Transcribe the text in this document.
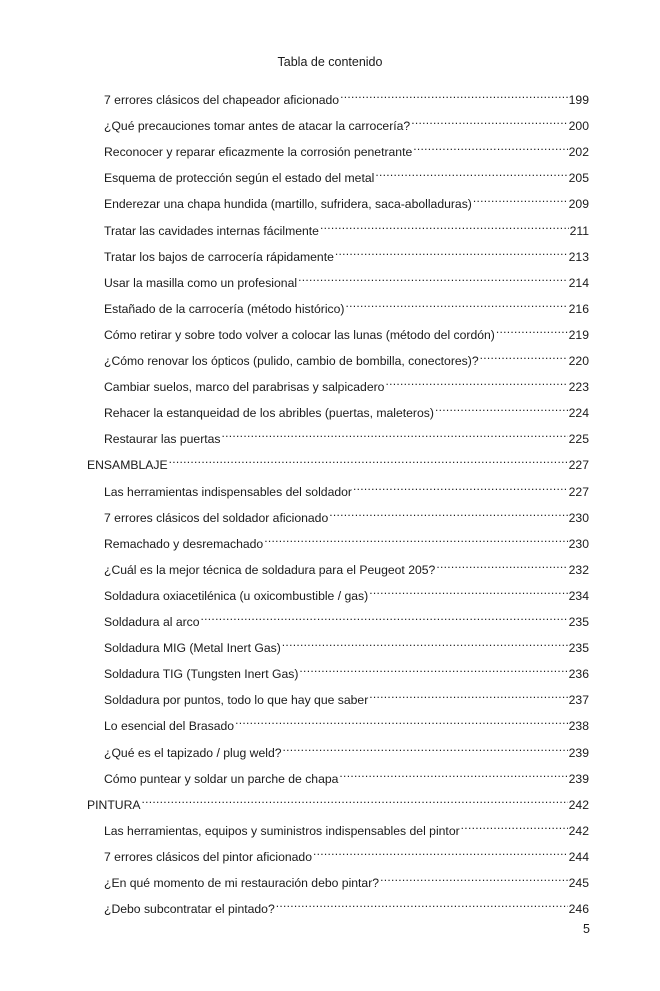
Tabla de contenido
7 errores clásicos del chapeador aficionado .....	199
¿Qué precauciones tomar antes de atacar la carrocería? .....	200
Reconocer y reparar eficazmente la corrosión penetrante .....	202
Esquema de protección según el estado del metal .....	205
Enderezar una chapa hundida (martillo, sufridera, saca-abolladuras) .....	209
Tratar las cavidades internas fácilmente .....	211
Tratar los bajos de carrocería rápidamente .....	213
Usar la masilla como un profesional .....	214
Estañado de la carrocería (método histórico) .....	216
Cómo retirar y sobre todo volver a colocar las lunas (método del cordón) .....	219
¿Cómo renovar los ópticos (pulido, cambio de bombilla, conectores)? .....	220
Cambiar suelos, marco del parabrisas y salpicadero .....	223
Rehacer la estanqueidad de los abribles (puertas, maleteros) .....	224
Restaurar las puertas .....	225
ENSAMBLAJE .....	227
Las herramientas indispensables del soldador .....	227
7 errores clásicos del soldador aficionado .....	230
Remachado y desremachado .....	230
¿Cuál es la mejor técnica de soldadura para el Peugeot 205? .....	232
Soldadura oxiacetilénica (u oxicombustible / gas) .....	234
Soldadura al arco .....	235
Soldadura MIG (Metal Inert Gas) .....	235
Soldadura TIG (Tungsten Inert Gas) .....	236
Soldadura por puntos, todo lo que hay que saber .....	237
Lo esencial del Brasado .....	238
¿Qué es el tapizado / plug weld? .....	239
Cómo puntear y soldar un parche de chapa .....	239
PINTURA .....	242
Las herramientas, equipos y suministros indispensables del pintor .....	242
7 errores clásicos del pintor aficionado .....	244
¿En qué momento de mi restauración debo pintar? .....	245
¿Debo subcontratar el pintado? .....	246
5
